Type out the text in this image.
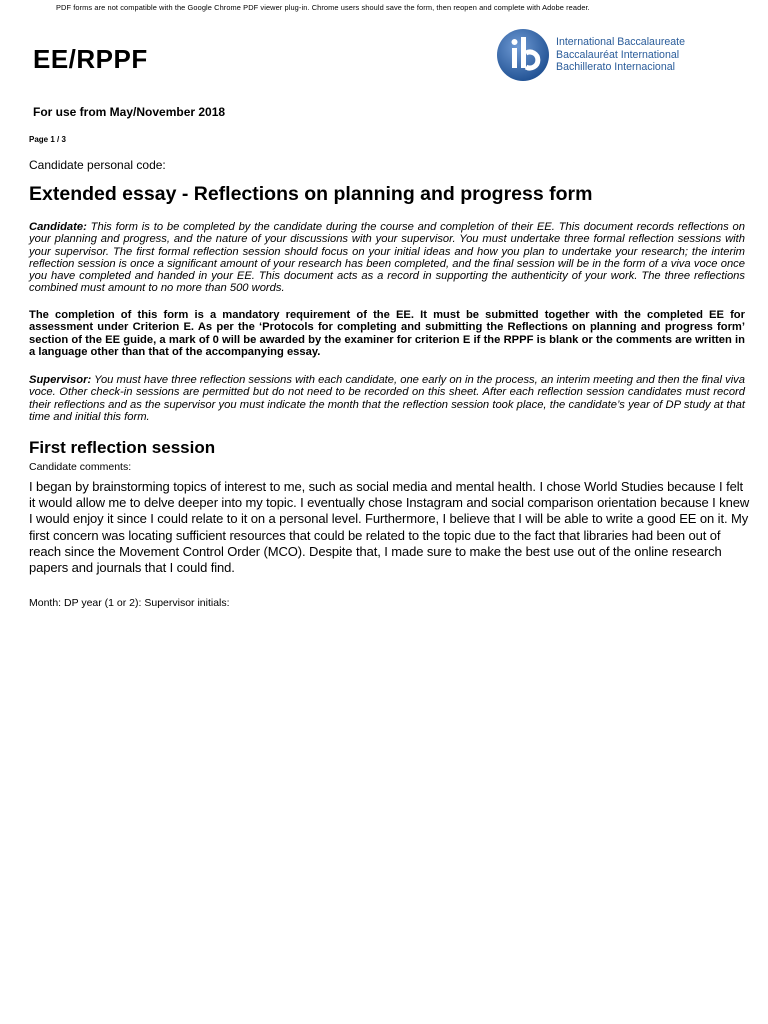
PDF forms are not compatible with the Google Chrome PDF viewer plug-in. Chrome users should save the form, then reopen and complete with Adobe reader.
EE/RPPF
International Baccalaureate
Baccalauréat International
Bachillerato Internacional
For use from May/November 2018
Page 1 / 3
Candidate personal code:
Extended essay - Reflections on planning and progress form
Candidate: This form is to be completed by the candidate during the course and completion of their EE. This document records reflections on your planning and progress, and the nature of your discussions with your supervisor. You must undertake three formal reflection sessions with your supervisor. The first formal reflection session should focus on your initial ideas and how you plan to undertake your research; the interim reflection session is once a significant amount of your research has been completed, and the final session will be in the form of a viva voce once you have completed and handed in your EE. This document acts as a record in supporting the authenticity of your work. The three reflections combined must amount to no more than 500 words.
The completion of this form is a mandatory requirement of the EE. It must be submitted together with the completed EE for assessment under Criterion E. As per the ‘Protocols for completing and submitting the Reflections on planning and progress form’ section of the EE guide, a mark of 0 will be awarded by the examiner for criterion E if the RPPF is blank or the comments are written in a language other than that of the accompanying essay.
Supervisor: You must have three reflection sessions with each candidate, one early on in the process, an interim meeting and then the final viva voce. Other check-in sessions are permitted but do not need to be recorded on this sheet. After each reflection session candidates must record their reflections and as the supervisor you must indicate the month that the reflection session took place, the candidate’s year of DP study at that time and initial this form.
First reflection session
Candidate comments:
I began by brainstorming topics of interest to me, such as social media and mental health. I chose World Studies because I felt it would allow me to delve deeper into my topic. I eventually chose Instagram and social comparison orientation because I knew I would enjoy it since I could relate to it on a personal level. Furthermore, I believe that I will be able to write a good EE on it. My first concern was locating sufficient resources that could be related to the topic due to the fact that libraries had been out of reach since the Movement Control Order (MCO). Despite that, I made sure to make the best use out of the online research papers and journals that I could find.
Month: DP year (1 or 2): Supervisor initials:
